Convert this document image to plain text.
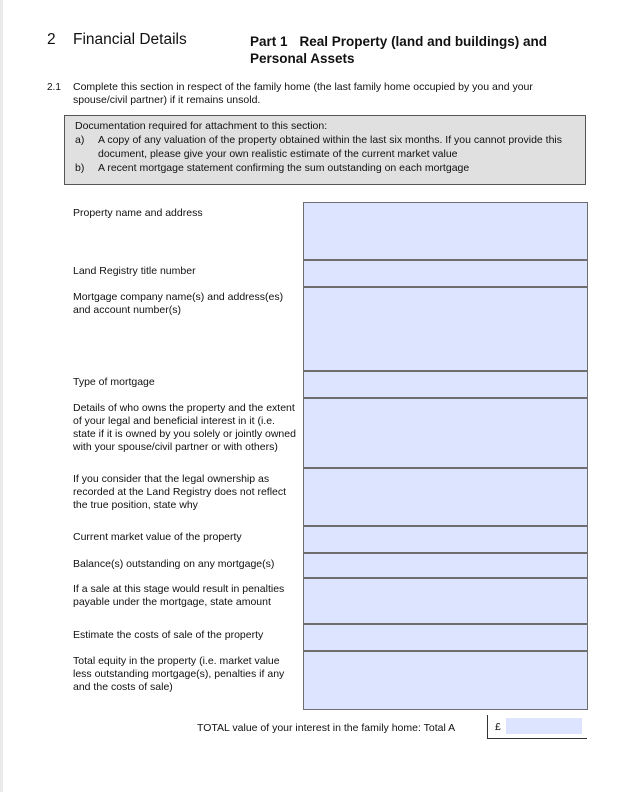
2 Financial Details	Part 1 Real Property (land and buildings) and Personal Assets
2.1 Complete this section in respect of the family home (the last family home occupied by you and your spouse/civil partner) if it remains unsold.
Documentation required for attachment to this section:
a) A copy of any valuation of the property obtained within the last six months. If you cannot provide this document, please give your own realistic estimate of the current market value
b) A recent mortgage statement confirming the sum outstanding on each mortgage
Property name and address
Land Registry title number
Mortgage company name(s) and address(es) and account number(s)
Type of mortgage
Details of who owns the property and the extent of your legal and beneficial interest in it (i.e. state if it is owned by you solely or jointly owned with your spouse/civil partner or with others)
If you consider that the legal ownership as recorded at the Land Registry does not reflect the true position, state why
Current market value of the property
Balance(s) outstanding on any mortgage(s)
If a sale at this stage would result in penalties payable under the mortgage, state amount
Estimate the costs of sale of the property
Total equity in the property (i.e. market value less outstanding mortgage(s), penalties if any and the costs of sale)
TOTAL value of your interest in the family home: Total A	£
